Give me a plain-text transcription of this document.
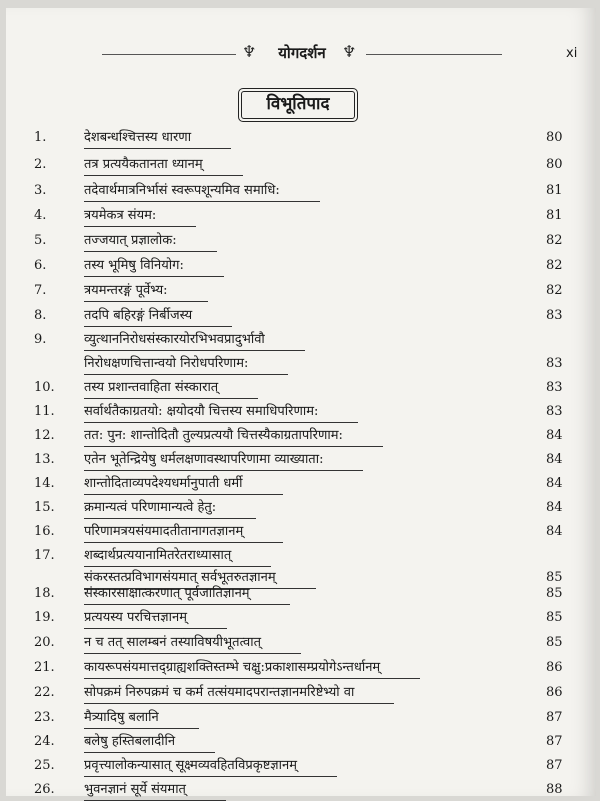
♆	योगदर्शन	♆	xi
विभूतिपाद
1.	देशबन्धश्चित्तस्य धारणा	80
2.	तत्र प्रत्ययैकतानता ध्यानम्	80
3.	तदेवार्थमात्रनिर्भासं स्वरूपशून्यमिव समाधि:	81
4.	त्रयमेकत्र संयम:	81
5.	तज्जयात् प्रज्ञालोक:	82
6.	तस्य भूमिषु विनियोग:	82
7.	त्रयमन्तरङ्गं पूर्वेभ्य:	82
8.	तदपि बहिरङ्गं निर्बीजस्य	83
9.	व्युत्थाननिरोधसंस्कारयोरभिभवप्रादुर्भावौ
निरोधक्षणचित्तान्वयो निरोधपरिणाम:	83
10. तस्य प्रशान्तवाहिता संस्कारात्	83
11. सर्वार्थतैकाग्रतयो: क्षयोदयौ चित्तस्य समाधिपरिणाम:	83
12. तत: पुन: शान्तोदितौ तुल्यप्रत्ययौ चित्तस्यैकाग्रतापरिणाम:	84
13. एतेन भूतेन्द्रियेषु धर्मलक्षणावस्थापरिणामा व्याख्याता:	84
14. शान्तोदिताव्यपदेश्यधर्मानुपाती धर्मी	84
15. क्रमान्यत्वं परिणामान्यत्वे हेतु:	84
16. परिणामत्रयसंयमादतीतानागतज्ञानम्	84
17. शब्दार्थप्रत्ययानामितरेतराध्यासात्
संकरस्तत्प्रविभागसंयमात् सर्वभूतरुतज्ञानम्	85
18. संस्कारसाक्षात्करणात् पूर्वजातिज्ञानम्	85
19. प्रत्ययस्य परचित्तज्ञानम्	85
20. न च तत् सालम्बनं तस्याविषयीभूतत्वात्	85
21. कायरूपसंयमात्तद्ग्राह्यशक्तिस्तम्भे चक्षु:प्रकाशासम्प्रयोगेऽन्तर्धानम्	86
22. सोपक्रमं निरुपक्रमं च कर्म तत्संयमादपरान्तज्ञानमरिष्टेभ्यो वा	86
23. मैत्र्यादिषु बलानि	87
24. बलेषु हस्तिबलादीनि	87
25. प्रवृत्त्यालोकन्यासात् सूक्ष्मव्यवहितविप्रकृष्टज्ञानम्	87
26. भुवनज्ञानं सूर्ये संयमात्	88
